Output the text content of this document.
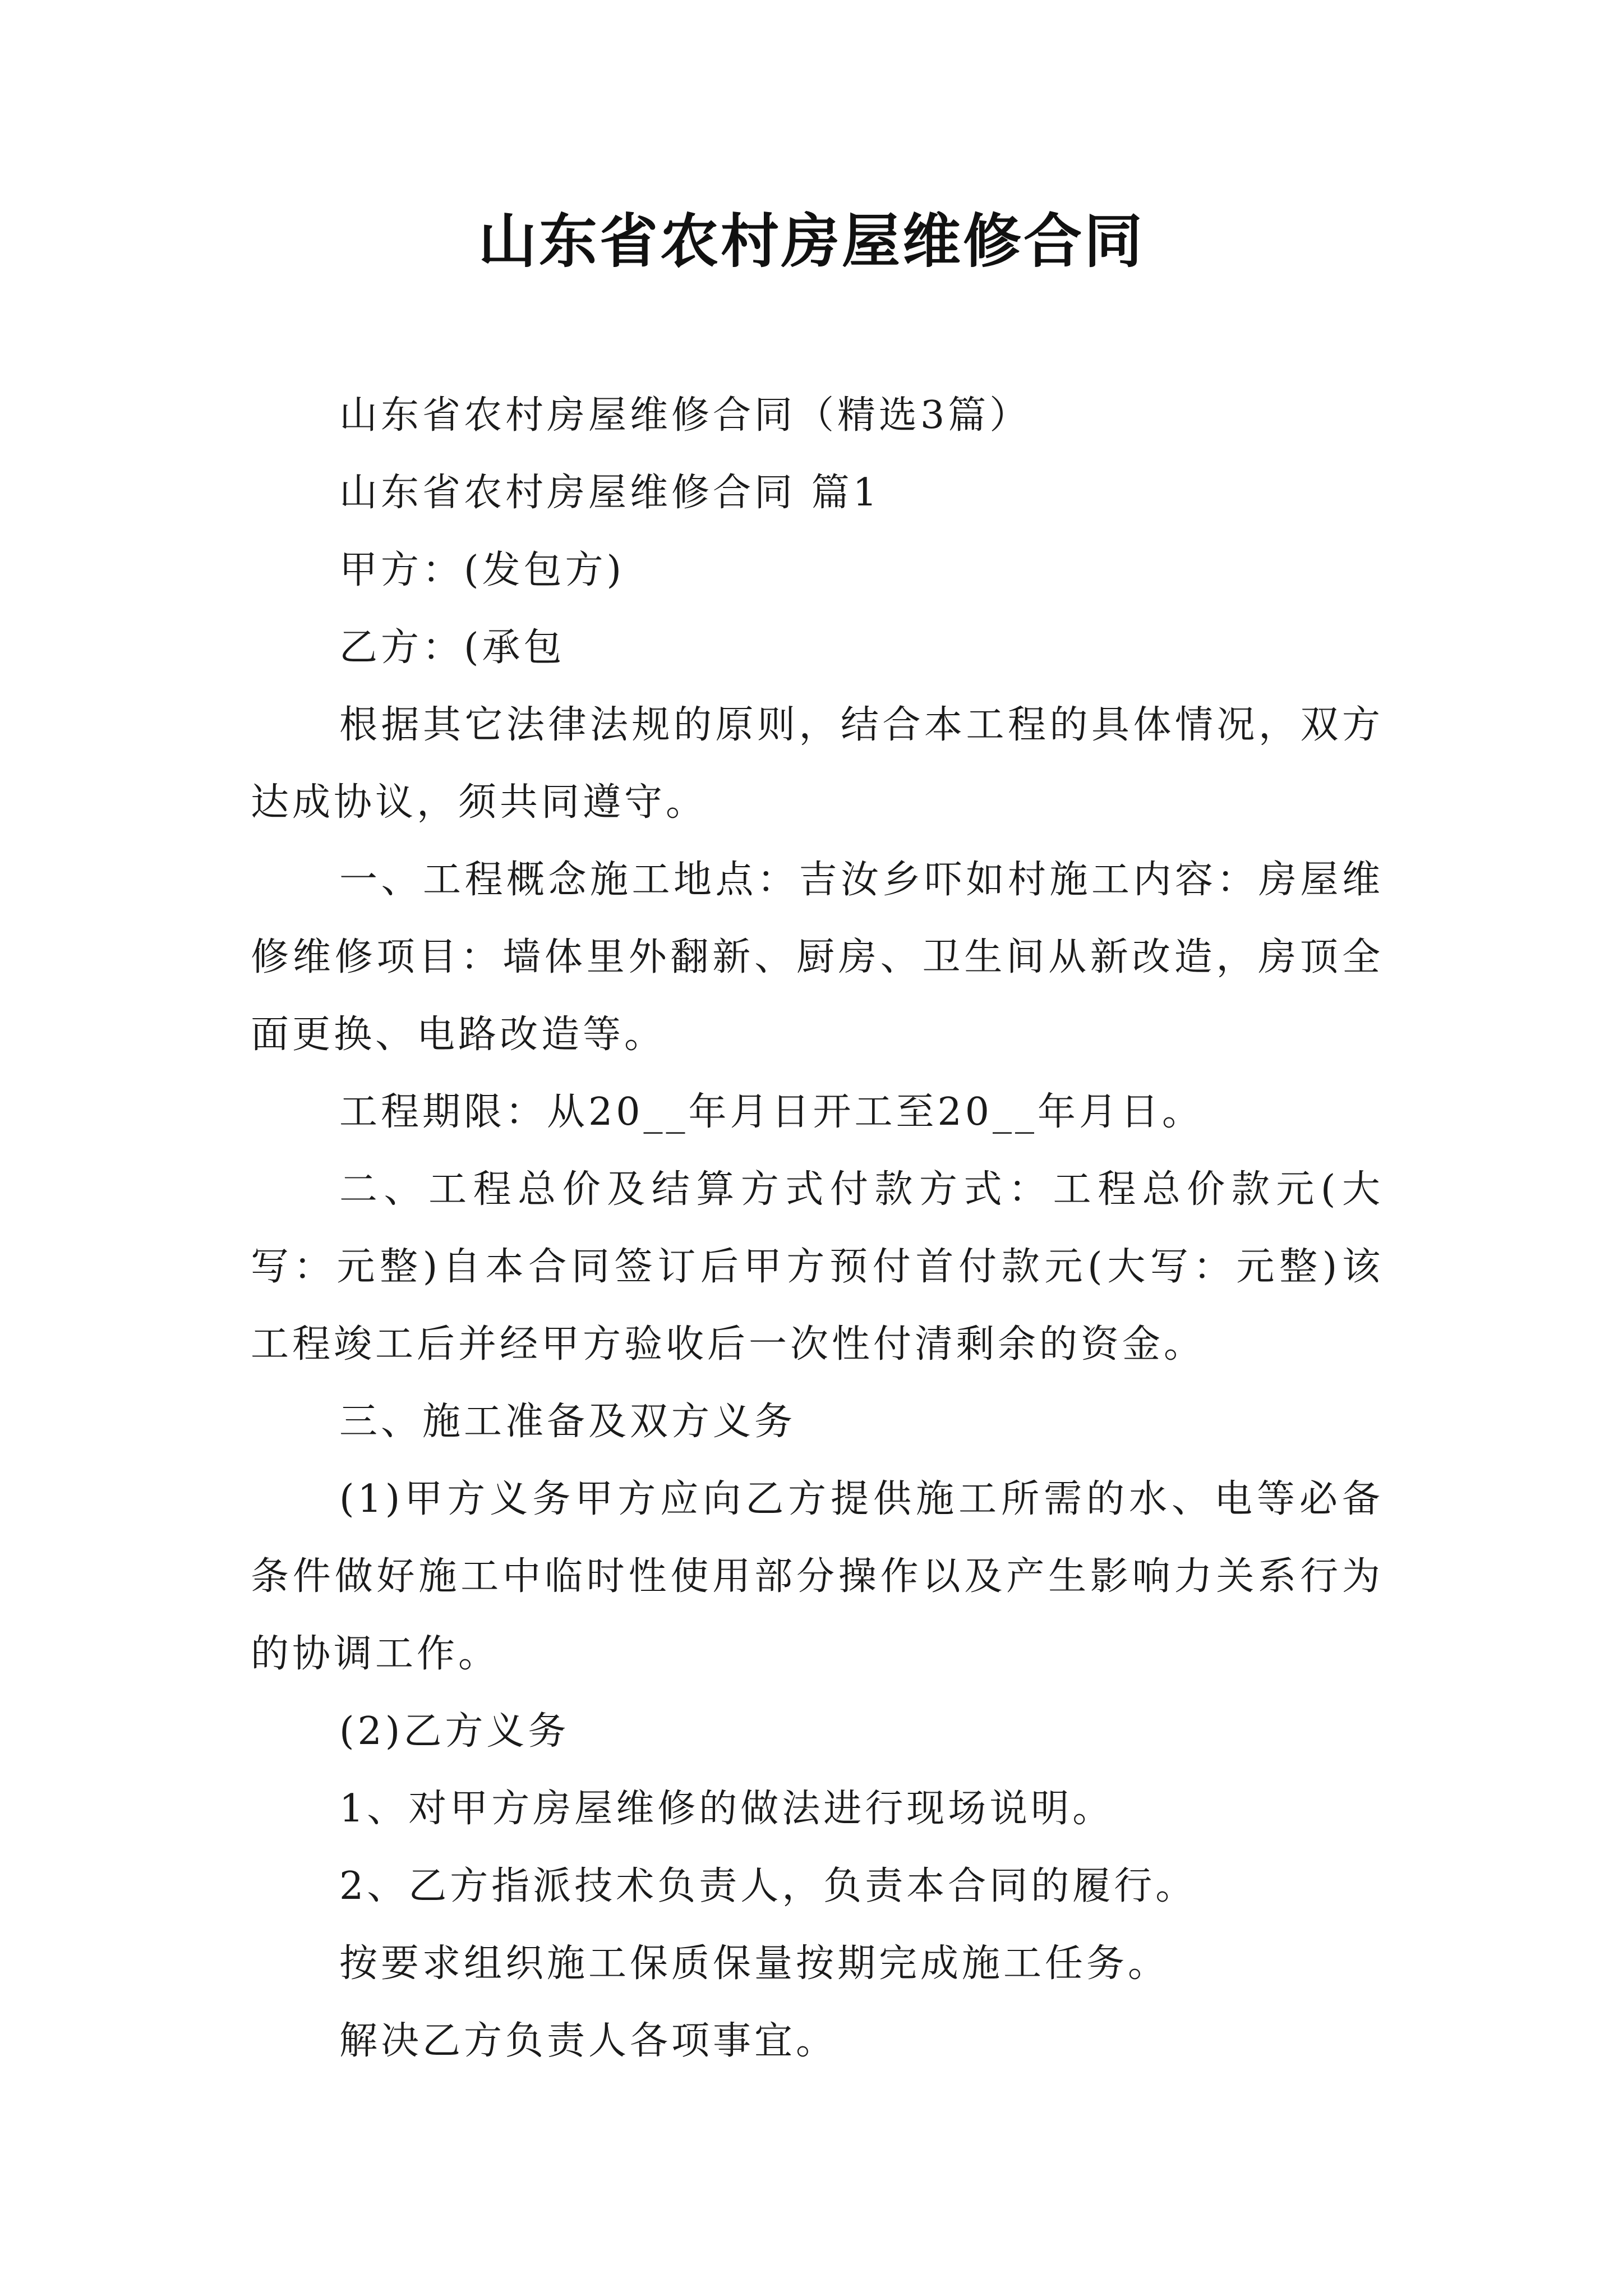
山东省农村房屋维修合同

山东省农村房屋维修合同（精选3篇）

山东省农村房屋维修合同 篇1

甲方：(发包方)

乙方：(承包

根据其它法律法规的原则，结合本工程的具体情况，双方达成协议，须共同遵守。

一、工程概念施工地点：吉汝乡吓如村施工内容：房屋维修维修项目：墙体里外翻新、厨房、卫生间从新改造，房顶全面更换、电路改造等。

工程期限：从20__年月日开工至20__年月日。

二、工程总价及结算方式付款方式：工程总价款元(大写：元整)自本合同签订后甲方预付首付款元(大写：元整)该工程竣工后并经甲方验收后一次性付清剩余的资金。

三、施工准备及双方义务

(1)甲方义务甲方应向乙方提供施工所需的水、电等必备条件做好施工中临时性使用部分操作以及产生影响力关系行为的协调工作。

(2)乙方义务

1、对甲方房屋维修的做法进行现场说明。

2、乙方指派技术负责人，负责本合同的履行。

按要求组织施工保质保量按期完成施工任务。

解决乙方负责人各项事宜。
